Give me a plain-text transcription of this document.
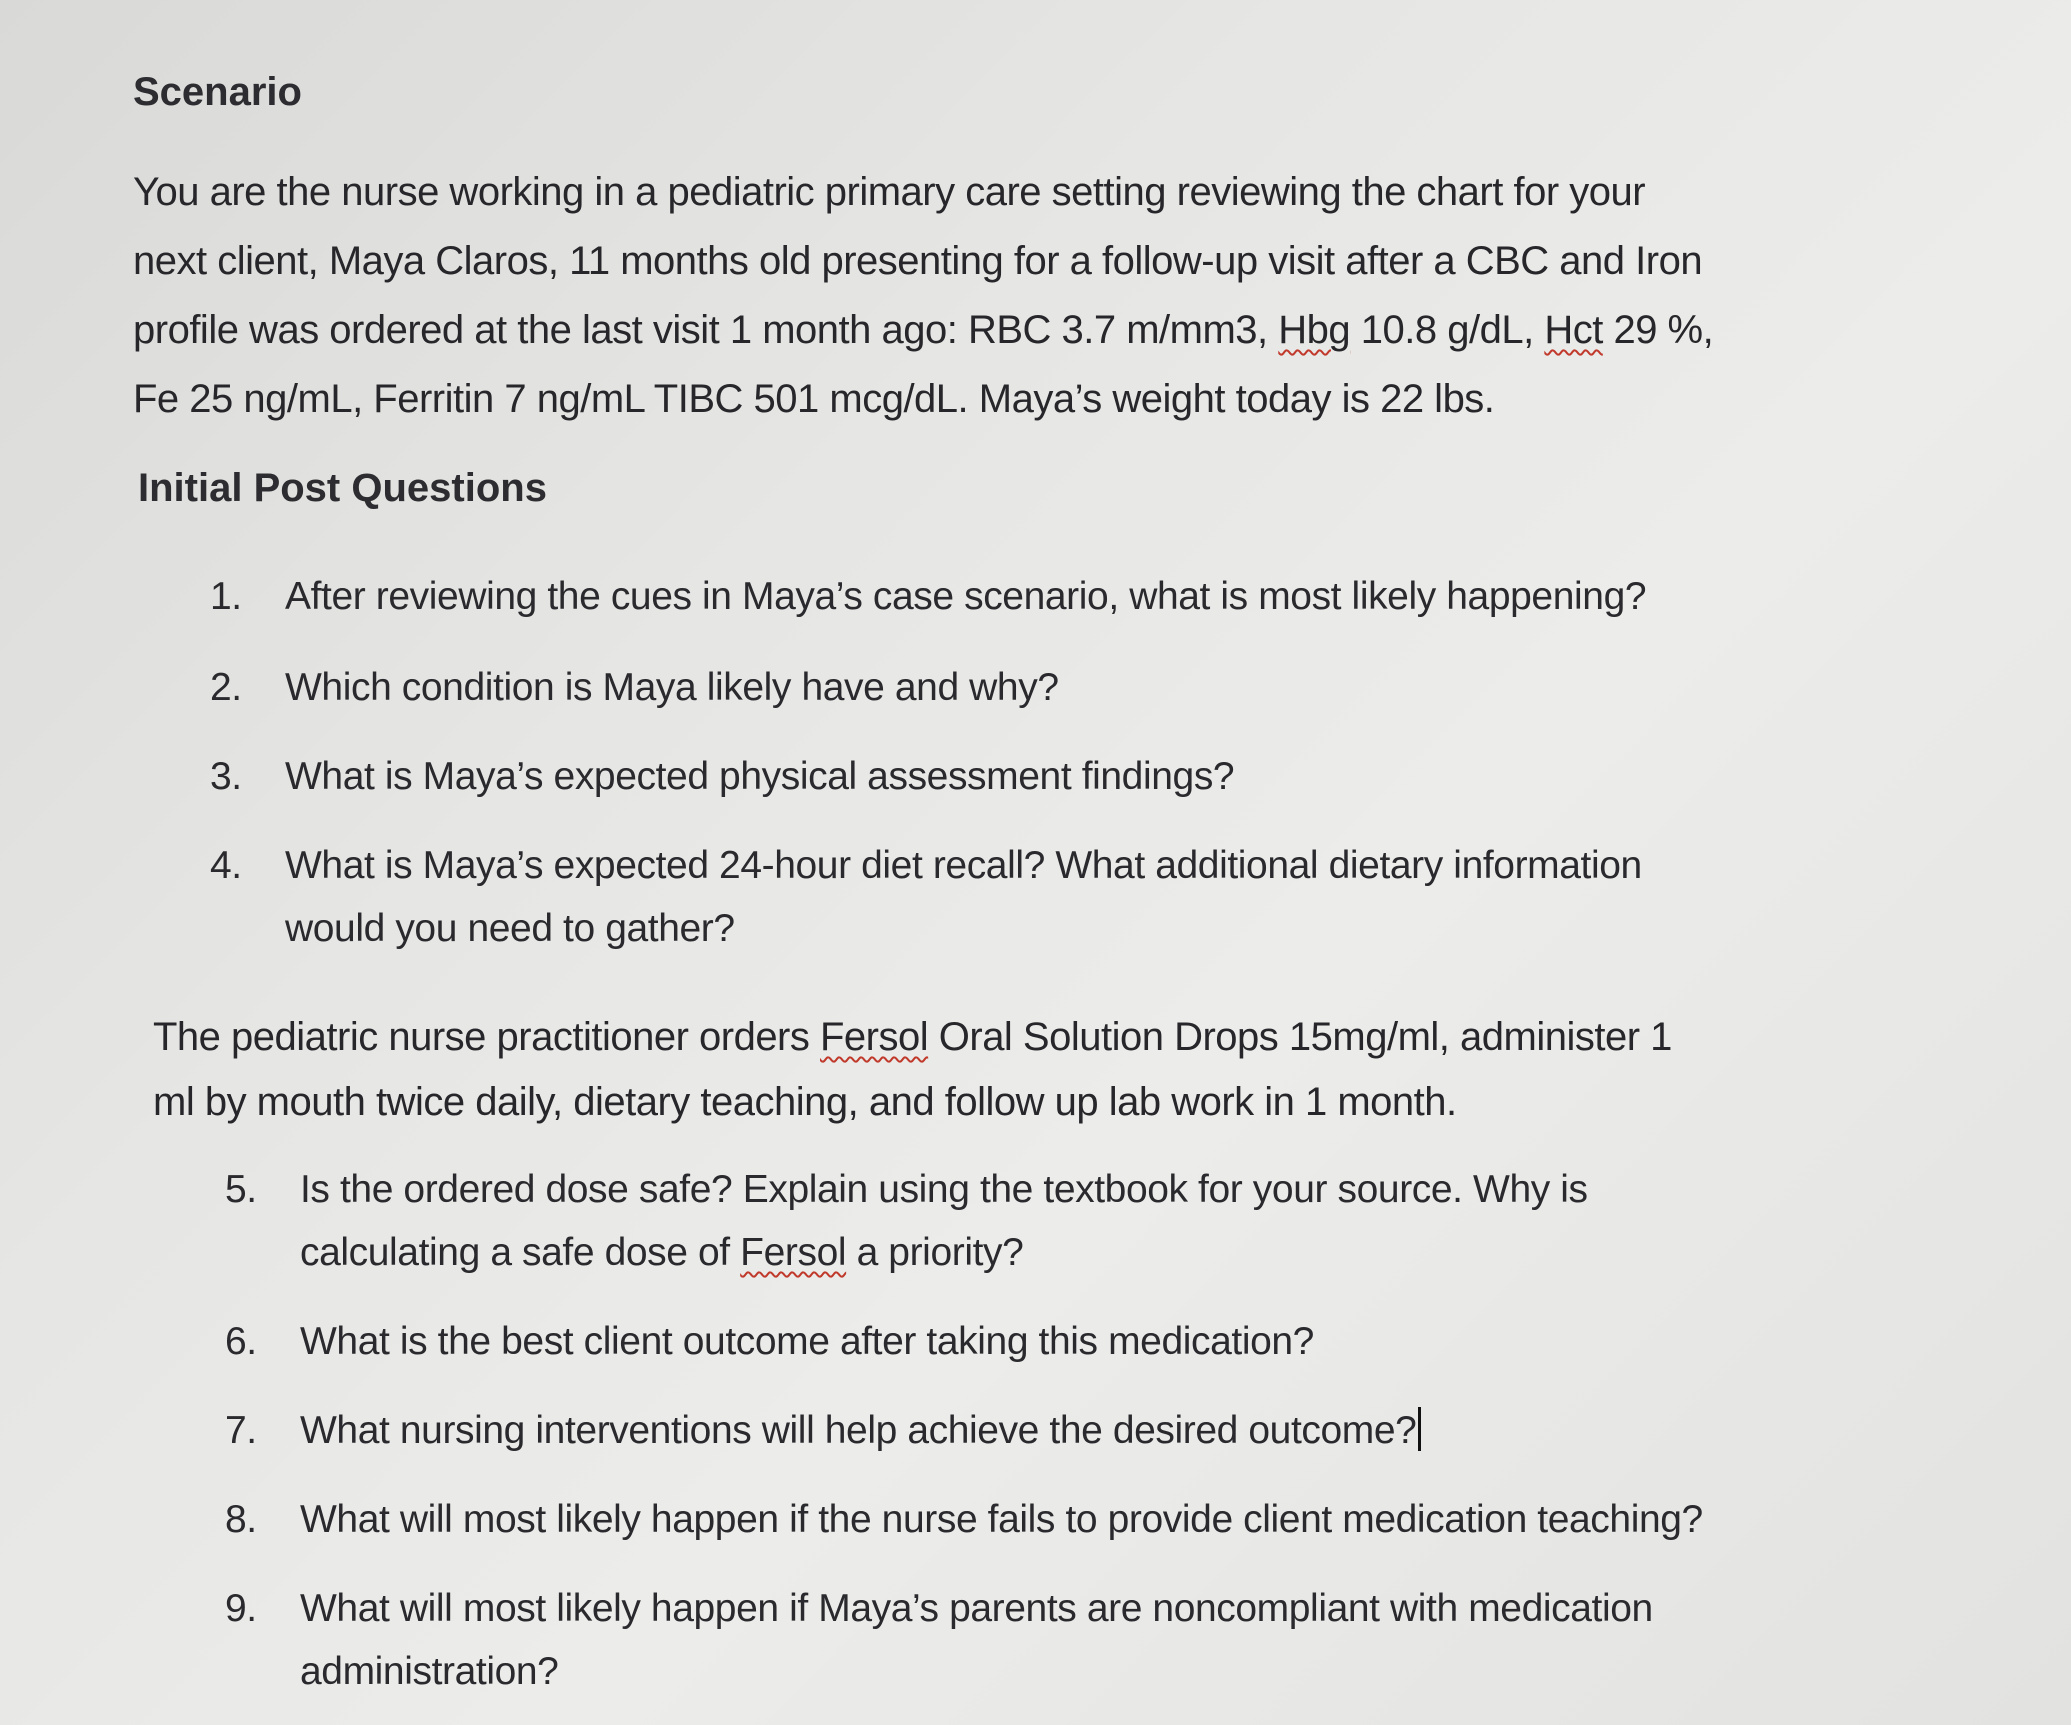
Scenario
You are the nurse working in a pediatric primary care setting reviewing the chart for your
next client, Maya Claros, 11 months old presenting for a follow-up visit after a CBC and Iron
profile was ordered at the last visit 1 month ago: RBC 3.7 m/mm3, Hbg 10.8 g/dL, Hct 29 %,
Fe 25 ng/mL, Ferritin 7 ng/mL TIBC 501 mcg/dL. Maya’s weight today is 22 lbs.
Initial Post Questions
1. After reviewing the cues in Maya’s case scenario, what is most likely happening?
2. Which condition is Maya likely have and why?
3. What is Maya’s expected physical assessment findings?
4. What is Maya’s expected 24-hour diet recall? What additional dietary information
would you need to gather?
The pediatric nurse practitioner orders Fersol Oral Solution Drops 15mg/ml, administer 1
ml by mouth twice daily, dietary teaching, and follow up lab work in 1 month.
5. Is the ordered dose safe? Explain using the textbook for your source. Why is
calculating a safe dose of Fersol a priority?
6. What is the best client outcome after taking this medication?
7. What nursing interventions will help achieve the desired outcome?
8. What will most likely happen if the nurse fails to provide client medication teaching?
9. What will most likely happen if Maya’s parents are noncompliant with medication
administration?
